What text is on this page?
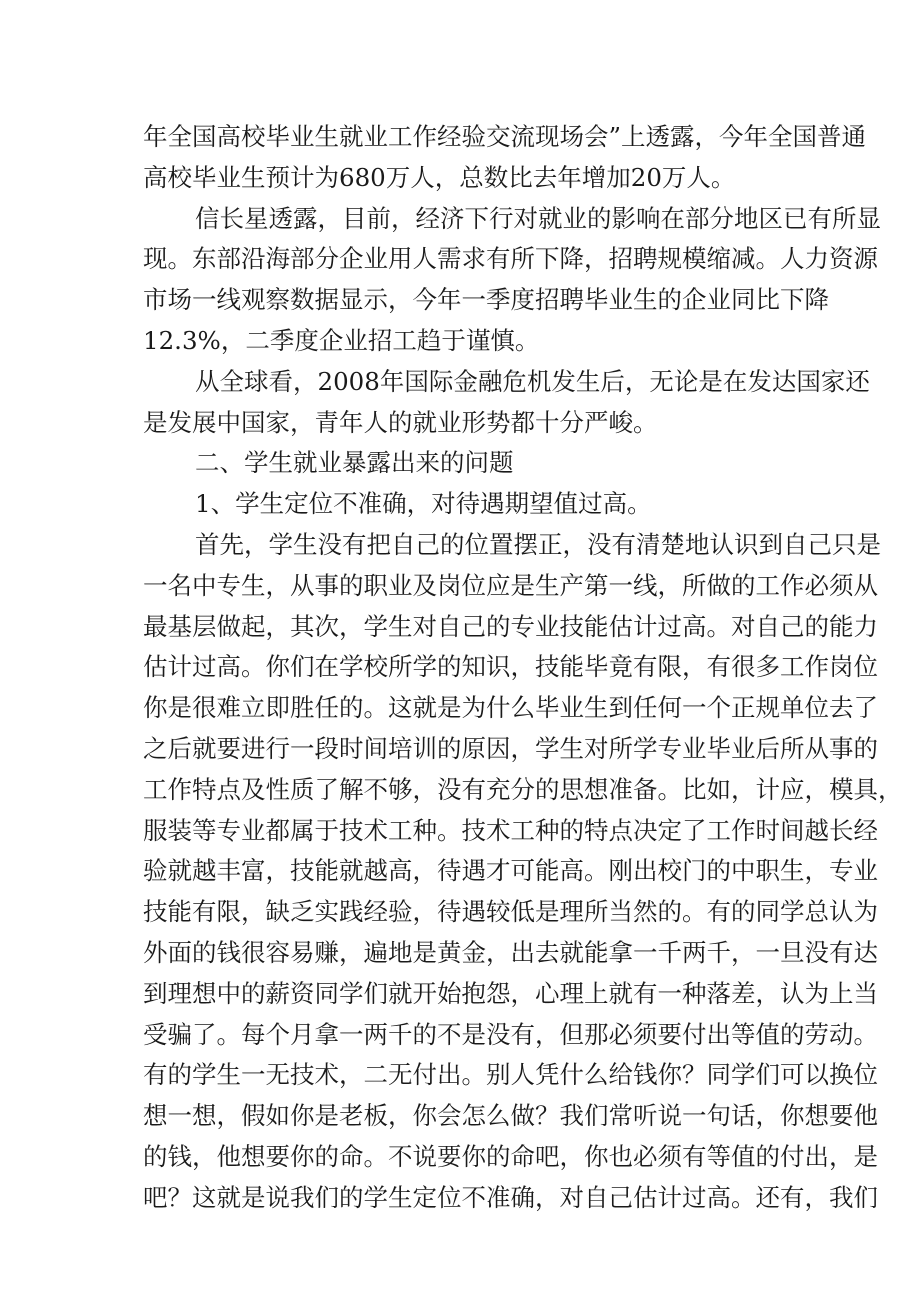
年全国高校毕业生就业工作经验交流现场会”上透露，今年全国普通
高校毕业生预计为680万人，总数比去年增加20万人。
信长星透露，目前，经济下行对就业的影响在部分地区已有所显
现。东部沿海部分企业用人需求有所下降，招聘规模缩减。人力资源
市场一线观察数据显示，今年一季度招聘毕业生的企业同比下降
12.3%，二季度企业招工趋于谨慎。
从全球看，2008年国际金融危机发生后，无论是在发达国家还
是发展中国家，青年人的就业形势都十分严峻。
二、学生就业暴露出来的问题
1、学生定位不准确，对待遇期望值过高。
首先，学生没有把自己的位置摆正，没有清楚地认识到自己只是
一名中专生，从事的职业及岗位应是生产第一线，所做的工作必须从
最基层做起，其次，学生对自己的专业技能估计过高。对自己的能力
估计过高。你们在学校所学的知识，技能毕竟有限，有很多工作岗位
你是很难立即胜任的。这就是为什么毕业生到任何一个正规单位去了
之后就要进行一段时间培训的原因，学生对所学专业毕业后所从事的
工作特点及性质了解不够，没有充分的思想准备。比如，计应，模具，
服装等专业都属于技术工种。技术工种的特点决定了工作时间越长经
验就越丰富，技能就越高，待遇才可能高。刚出校门的中职生，专业
技能有限，缺乏实践经验，待遇较低是理所当然的。有的同学总认为
外面的钱很容易赚，遍地是黄金，出去就能拿一千两千，一旦没有达
到理想中的薪资同学们就开始抱怨，心理上就有一种落差，认为上当
受骗了。每个月拿一两千的不是没有，但那必须要付出等值的劳动。
有的学生一无技术，二无付出。别人凭什么给钱你？同学们可以换位
想一想，假如你是老板，你会怎么做？我们常听说一句话，你想要他
的钱，他想要你的命。不说要你的命吧，你也必须有等值的付出，是
吧？这就是说我们的学生定位不准确，对自己估计过高。还有，我们
